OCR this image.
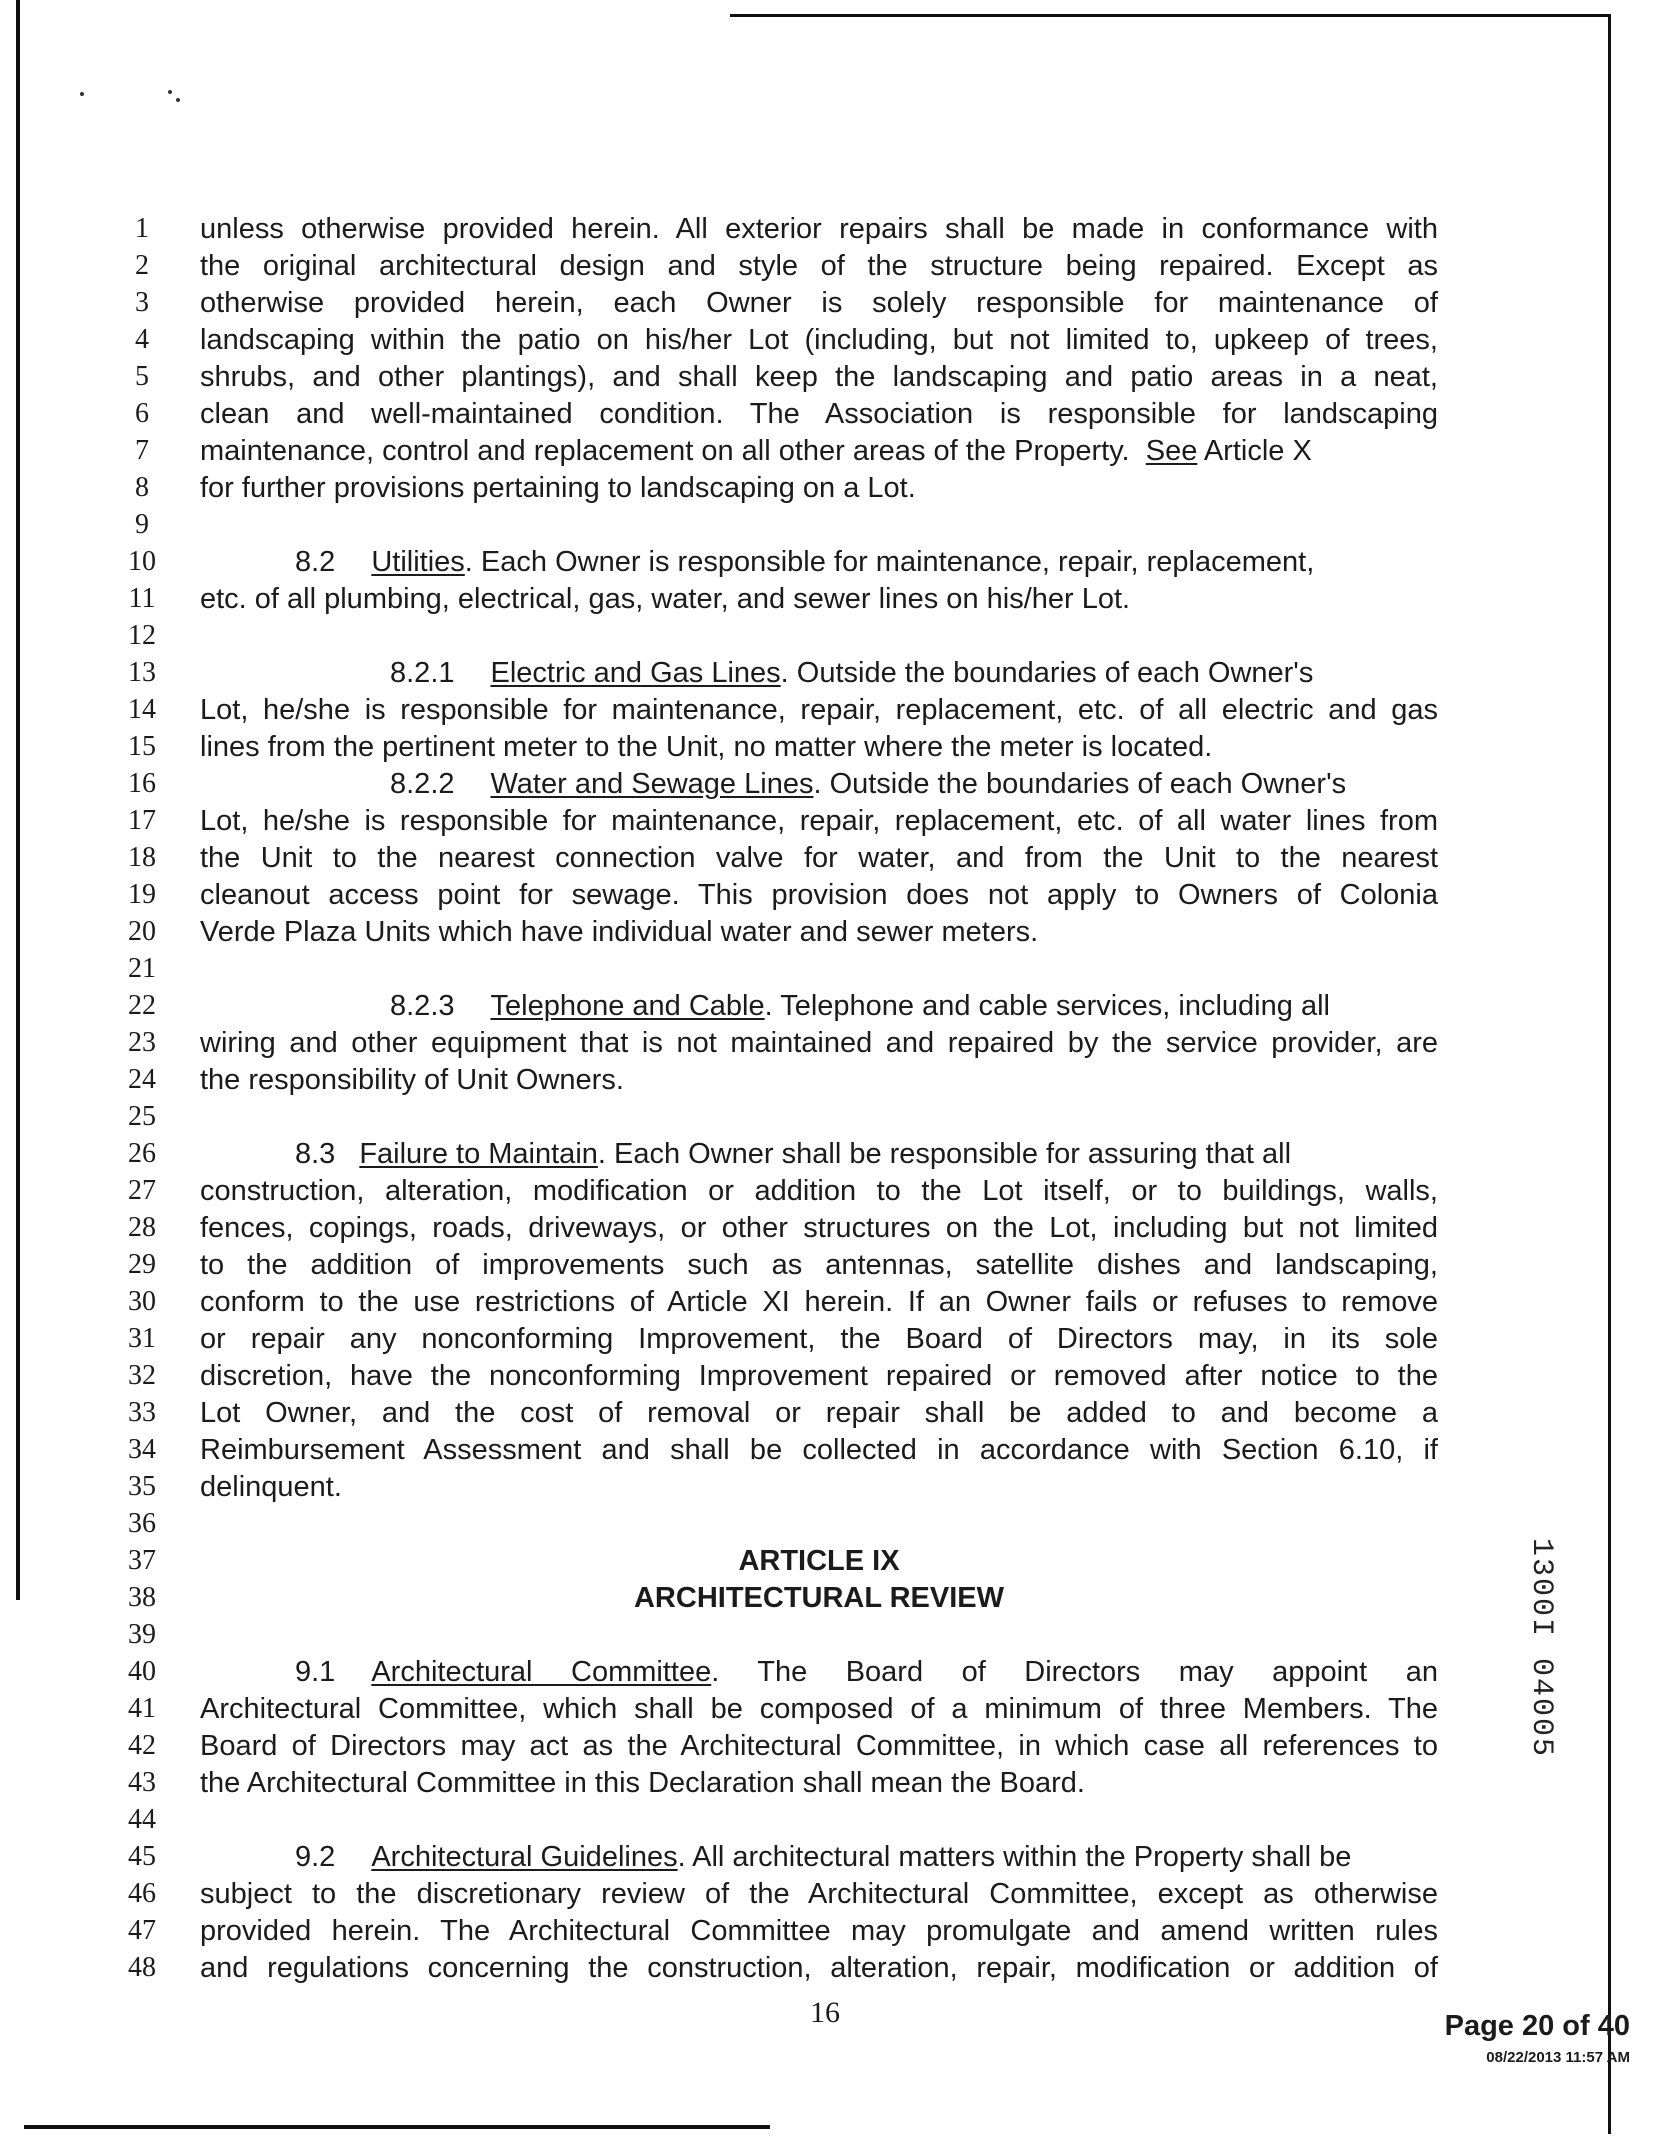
1
2
3
4
5
6
7
8
9
10
11
12
13
14
15
16
17
18
19
20
21
22
23
24
25
26
27
28
29
30
31
32
33
34
35
36
37
38
39
40
41
42
43
44
45
46
47
48
unless otherwise provided herein. All exterior repairs shall be made in conformance with
the original architectural design and style of the structure being repaired. Except as
otherwise provided herein, each Owner is solely responsible for maintenance of
landscaping within the patio on his/her Lot (including, but not limited to, upkeep of trees,
shrubs, and other plantings), and shall keep the landscaping and patio areas in a neat,
clean and well-maintained condition. The Association is responsible for landscaping
maintenance, control and replacement on all other areas of the Property. See Article X
for further provisions pertaining to landscaping on a Lot.
8.2 Utilities. Each Owner is responsible for maintenance, repair, replacement,
etc. of all plumbing, electrical, gas, water, and sewer lines on his/her Lot.
8.2.1 Electric and Gas Lines. Outside the boundaries of each Owner's
Lot, he/she is responsible for maintenance, repair, replacement, etc. of all electric and gas
lines from the pertinent meter to the Unit, no matter where the meter is located.
8.2.2 Water and Sewage Lines. Outside the boundaries of each Owner's
Lot, he/she is responsible for maintenance, repair, replacement, etc. of all water lines from
the Unit to the nearest connection valve for water, and from the Unit to the nearest
cleanout access point for sewage. This provision does not apply to Owners of Colonia
Verde Plaza Units which have individual water and sewer meters.
8.2.3 Telephone and Cable. Telephone and cable services, including all
wiring and other equipment that is not maintained and repaired by the service provider, are
the responsibility of Unit Owners.
8.3 Failure to Maintain. Each Owner shall be responsible for assuring that all
construction, alteration, modification or addition to the Lot itself, or to buildings, walls,
fences, copings, roads, driveways, or other structures on the Lot, including but not limited
to the addition of improvements such as antennas, satellite dishes and landscaping,
conform to the use restrictions of Article XI herein. If an Owner fails or refuses to remove
or repair any nonconforming Improvement, the Board of Directors may, in its sole
discretion, have the nonconforming Improvement repaired or removed after notice to the
Lot Owner, and the cost of removal or repair shall be added to and become a
Reimbursement Assessment and shall be collected in accordance with Section 6.10, if
delinquent.
ARTICLE IX
ARCHITECTURAL REVIEW
9.1 Architectural Committee. The Board of Directors may appoint an
Architectural Committee, which shall be composed of a minimum of three Members. The
Board of Directors may act as the Architectural Committee, in which case all references to
the Architectural Committee in this Declaration shall mean the Board.
9.2 Architectural Guidelines. All architectural matters within the Property shall be
subject to the discretionary review of the Architectural Committee, except as otherwise
provided herein. The Architectural Committee may promulgate and amend written rules
and regulations concerning the construction, alteration, repair, modification or addition of
16
1300I 04005
Page 20 of 40
08/22/2013 11:57 AM
